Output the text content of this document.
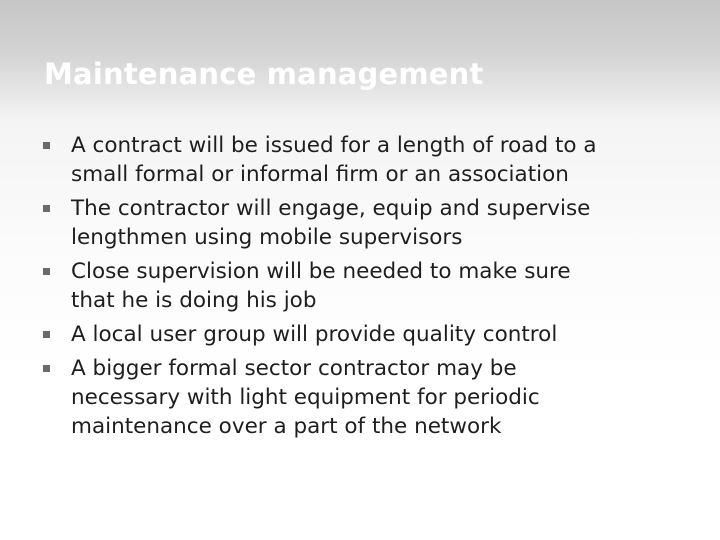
Maintenance management
A contract will be issued for a length of road to a
small formal or informal firm or an association
The contractor will engage, equip and supervise
lengthmen using mobile supervisors
Close supervision will be needed to make sure
that he is doing his job
A local user group will provide quality control
A bigger formal sector contractor may be
necessary with light equipment for periodic
maintenance over a part of the network
